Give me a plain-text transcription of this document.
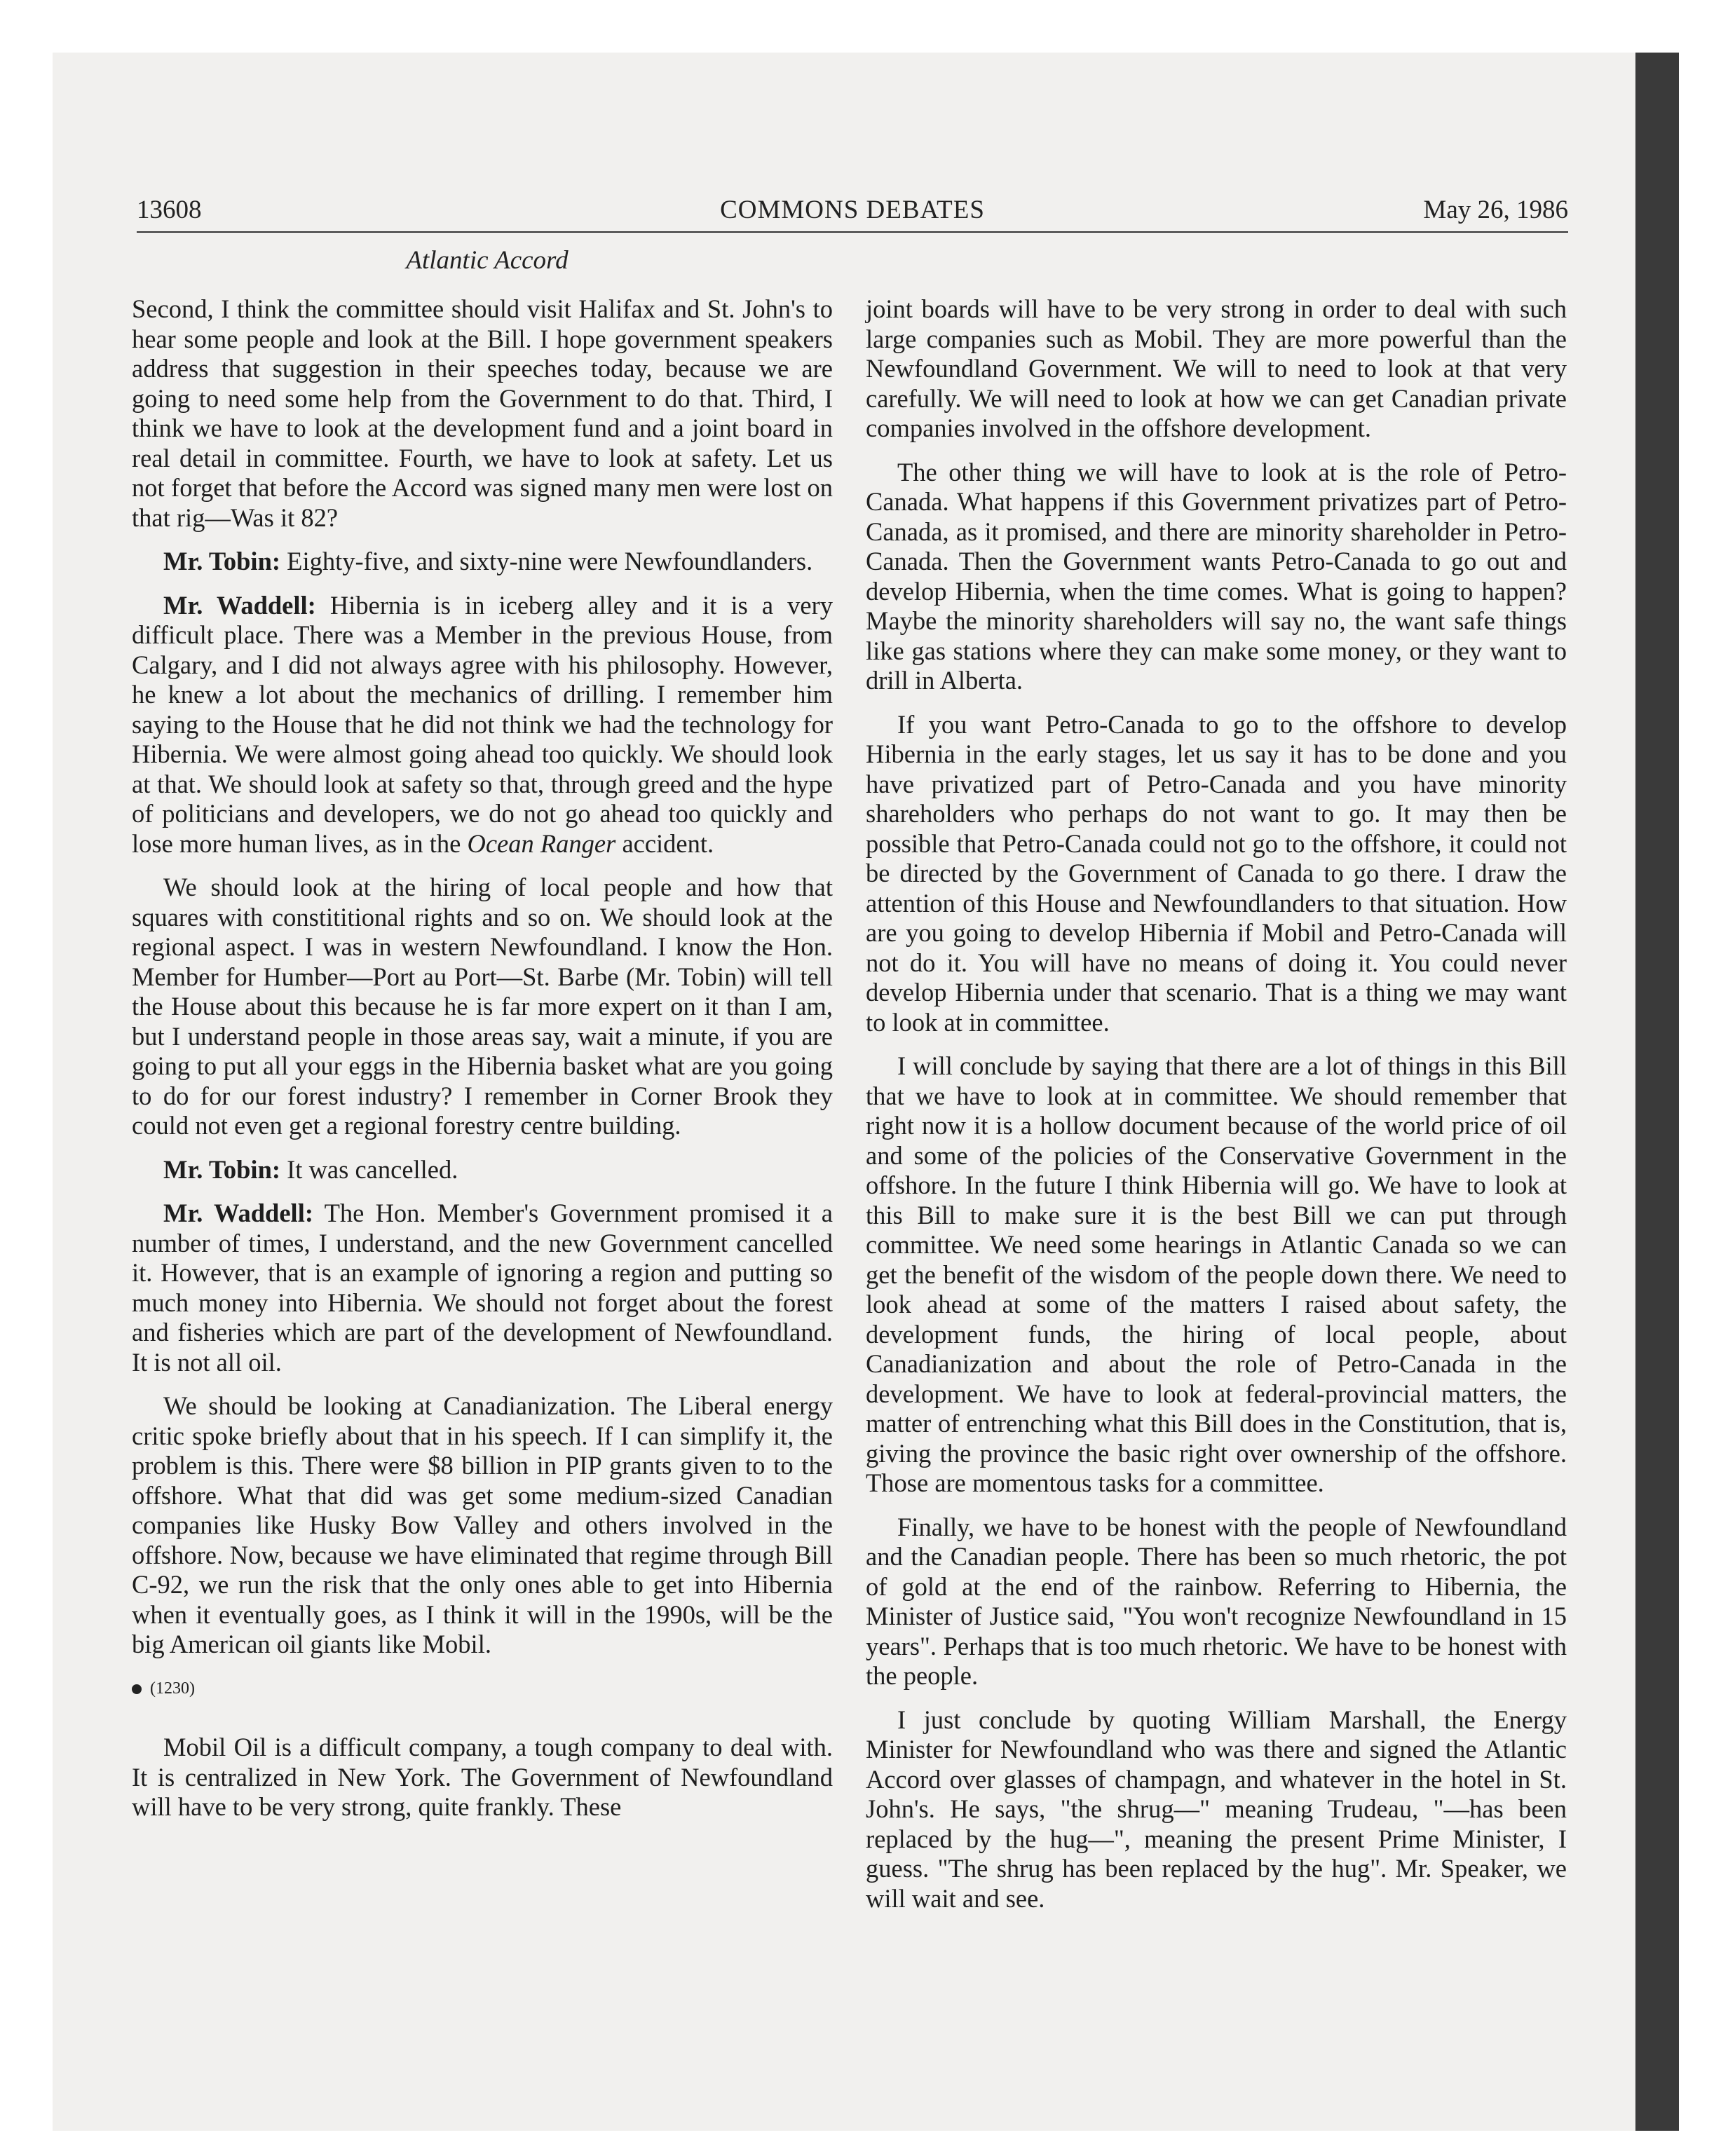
13608	COMMONS DEBATES	May 26, 1986
Atlantic Accord

Second, I think the committee should visit Halifax and St. John's to hear some people and look at the Bill. I hope government speakers address that suggestion in their speeches today, because we are going to need some help from the Government to do that. Third, I think we have to look at the development fund and a joint board in real detail in committee. Fourth, we have to look at safety. Let us not forget that before the Accord was signed many men were lost on that rig—Was it 82?

Mr. Tobin: Eighty-five, and sixty-nine were Newfoundlanders.

Mr. Waddell: Hibernia is in iceberg alley and it is a very difficult place. There was a Member in the previous House, from Calgary, and I did not always agree with his philosophy. However, he knew a lot about the mechanics of drilling. I remember him saying to the House that he did not think we had the technology for Hibernia. We were almost going ahead too quickly. We should look at that. We should look at safety so that, through greed and the hype of politicians and developers, we do not go ahead too quickly and lose more human lives, as in the Ocean Ranger accident.

We should look at the hiring of local people and how that squares with constititional rights and so on. We should look at the regional aspect. I was in western Newfoundland. I know the Hon. Member for Humber—Port au Port—St. Barbe (Mr. Tobin) will tell the House about this because he is far more expert on it than I am, but I understand people in those areas say, wait a minute, if you are going to put all your eggs in the Hibernia basket what are you going to do for our forest industry? I remember in Corner Brook they could not even get a regional forestry centre building.

Mr. Tobin: It was cancelled.

Mr. Waddell: The Hon. Member's Government promised it a number of times, I understand, and the new Government cancelled it. However, that is an example of ignoring a region and putting so much money into Hibernia. We should not forget about the forest and fisheries which are part of the development of Newfoundland. It is not all oil.

We should be looking at Canadianization. The Liberal energy critic spoke briefly about that in his speech. If I can simplify it, the problem is this. There were $8 billion in PIP grants given to to the offshore. What that did was get some medium-sized Canadian companies like Husky Bow Valley and others involved in the offshore. Now, because we have eliminated that regime through Bill C-92, we run the risk that the only ones able to get into Hibernia when it eventually goes, as I think it will in the 1990s, will be the big American oil giants like Mobil.

(1230)

Mobil Oil is a difficult company, a tough company to deal with. It is centralized in New York. The Government of Newfoundland will have to be very strong, quite frankly. These

joint boards will have to be very strong in order to deal with such large companies such as Mobil. They are more powerful than the Newfoundland Government. We will to need to look at that very carefully. We will need to look at how we can get Canadian private companies involved in the offshore development.

The other thing we will have to look at is the role of Petro-Canada. What happens if this Government privatizes part of Petro-Canada, as it promised, and there are minority shareholder in Petro-Canada. Then the Government wants Petro-Canada to go out and develop Hibernia, when the time comes. What is going to happen? Maybe the minority shareholders will say no, the want safe things like gas stations where they can make some money, or they want to drill in Alberta.

If you want Petro-Canada to go to the offshore to develop Hibernia in the early stages, let us say it has to be done and you have privatized part of Petro-Canada and you have minority shareholders who perhaps do not want to go. It may then be possible that Petro-Canada could not go to the offshore, it could not be directed by the Government of Canada to go there. I draw the attention of this House and Newfoundlanders to that situation. How are you going to develop Hibernia if Mobil and Petro-Canada will not do it. You will have no means of doing it. You could never develop Hibernia under that scenario. That is a thing we may want to look at in committee.

I will conclude by saying that there are a lot of things in this Bill that we have to look at in committee. We should remember that right now it is a hollow document because of the world price of oil and some of the policies of the Conservative Government in the offshore. In the future I think Hibernia will go. We have to look at this Bill to make sure it is the best Bill we can put through committee. We need some hearings in Atlantic Canada so we can get the benefit of the wisdom of the people down there. We need to look ahead at some of the matters I raised about safety, the development funds, the hiring of local people, about Canadianization and about the role of Petro-Canada in the development. We have to look at federal-provincial matters, the matter of entrenching what this Bill does in the Constitution, that is, giving the province the basic right over ownership of the offshore. Those are momentous tasks for a committee.

Finally, we have to be honest with the people of Newfoundland and the Canadian people. There has been so much rhetoric, the pot of gold at the end of the rainbow. Referring to Hibernia, the Minister of Justice said, "You won't recognize Newfoundland in 15 years". Perhaps that is too much rhetoric. We have to be honest with the people.

I just conclude by quoting William Marshall, the Energy Minister for Newfoundland who was there and signed the Atlantic Accord over glasses of champagn, and whatever in the hotel in St. John's. He says, "the shrug—" meaning Trudeau, "—has been replaced by the hug—", meaning the present Prime Minister, I guess. "The shrug has been replaced by the hug". Mr. Speaker, we will wait and see.
